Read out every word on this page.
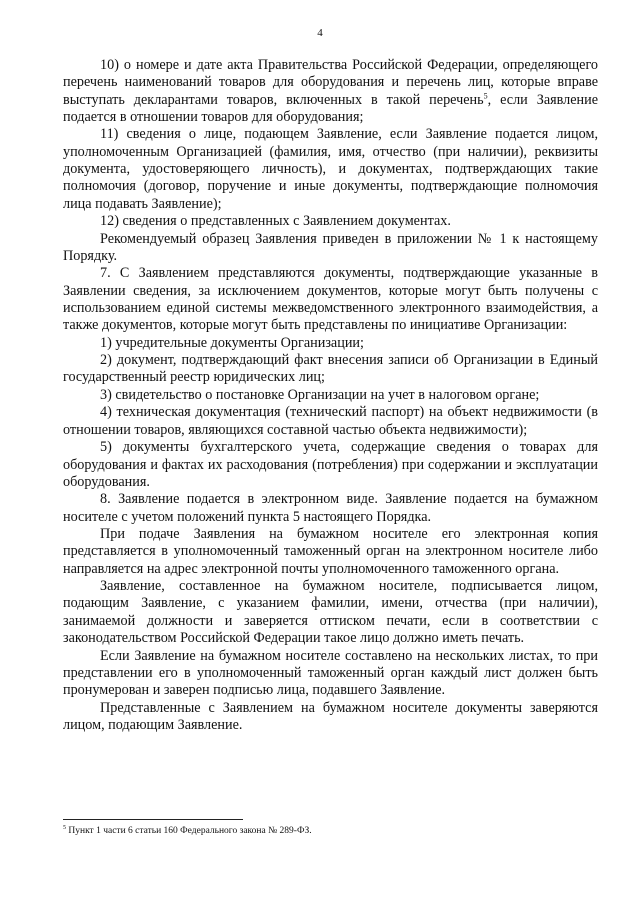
4

10) о номере и дате акта Правительства Российской Федерации, определяющего перечень наименований товаров для оборудования и перечень лиц, которые вправе выступать декларантами товаров, включенных в такой перечень$^5$, если Заявление подается в отношении товаров для оборудования;

11) сведения о лице, подающем Заявление, если Заявление подается лицом, уполномоченным Организацией (фамилия, имя, отчество (при наличии), реквизиты документа, удостоверяющего личность), и документах, подтверждающих такие полномочия (договор, поручение и иные документы, подтверждающие полномочия лица подавать Заявление);

12) сведения о представленных с Заявлением документах.

Рекомендуемый образец Заявления приведен в приложении № 1 к настоящему Порядку.

7. С Заявлением представляются документы, подтверждающие указанные в Заявлении сведения, за исключением документов, которые могут быть получены с использованием единой системы межведомственного электронного взаимодействия, а также документов, которые могут быть представлены по инициативе Организации:

1) учредительные документы Организации;

2) документ, подтверждающий факт внесения записи об Организации в Единый государственный реестр юридических лиц;

3) свидетельство о постановке Организации на учет в налоговом органе;

4) техническая документация (технический паспорт) на объект недвижимости (в отношении товаров, являющихся составной частью объекта недвижимости);

5) документы бухгалтерского учета, содержащие сведения о товарах для оборудования и фактах их расходования (потребления) при содержании и эксплуатации оборудования.

8. Заявление подается в электронном виде. Заявление подается на бумажном носителе с учетом положений пункта 5 настоящего Порядка.

При подаче Заявления на бумажном носителе его электронная копия представляется в уполномоченный таможенный орган на электронном носителе либо направляется на адрес электронной почты уполномоченного таможенного органа.

Заявление, составленное на бумажном носителе, подписывается лицом, подающим Заявление, с указанием фамилии, имени, отчества (при наличии), занимаемой должности и заверяется оттиском печати, если в соответствии с законодательством Российской Федерации такое лицо должно иметь печать.

Если Заявление на бумажном носителе составлено на нескольких листах, то при представлении его в уполномоченный таможенный орган каждый лист должен быть пронумерован и заверен подписью лица, подавшего Заявление.

Представленные с Заявлением на бумажном носителе документы заверяются лицом, подающим Заявление.

$^5$ Пункт 1 части 6 статьи 160 Федерального закона № 289-ФЗ.
